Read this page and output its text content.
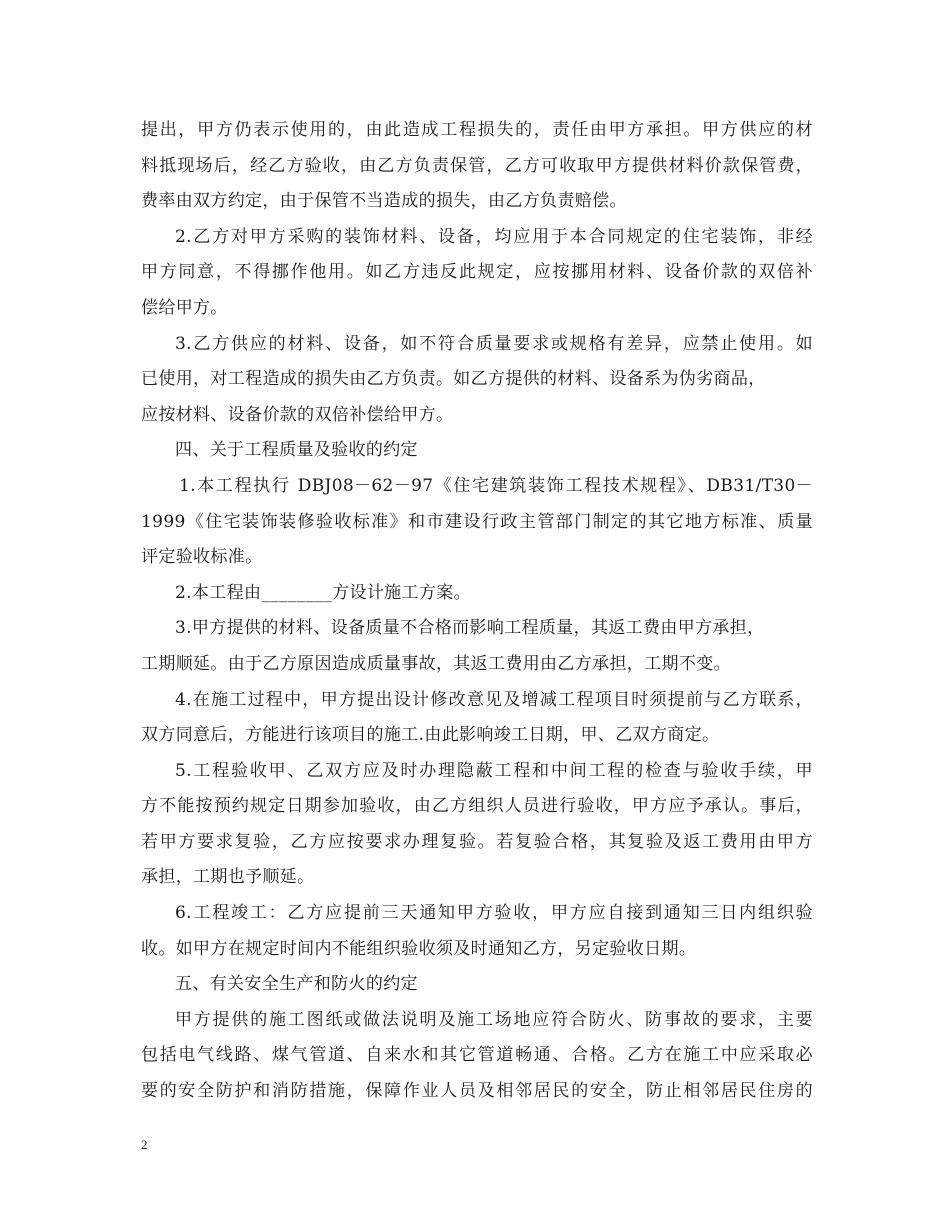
提出，甲方仍表示使用的，由此造成工程损失的，责任由甲方承担。甲方供应的材
料抵现场后，经乙方验收，由乙方负责保管，乙方可收取甲方提供材料价款保管费，
费率由双方约定，由于保管不当造成的损失，由乙方负责赔偿。
2.乙方对甲方采购的装饰材料、设备，均应用于本合同规定的住宅装饰，非经
甲方同意，不得挪作他用。如乙方违反此规定，应按挪用材料、设备价款的双倍补
偿给甲方。
3.乙方供应的材料、设备，如不符合质量要求或规格有差异，应禁止使用。如
已使用，对工程造成的损失由乙方负责。如乙方提供的材料、设备系为伪劣商品，
应按材料、设备价款的双倍补偿给甲方。
四、关于工程质量及验收的约定
1.本工程执行 DBJ08－62－97《住宅建筑装饰工程技术规程》、DB31/T30－
1999《住宅装饰装修验收标准》和市建设行政主管部门制定的其它地方标准、质量
评定验收标准。
2.本工程由________方设计施工方案。
3.甲方提供的材料、设备质量不合格而影响工程质量，其返工费由甲方承担，
工期顺延。由于乙方原因造成质量事故，其返工费用由乙方承担，工期不变。
4.在施工过程中，甲方提出设计修改意见及增减工程项目时须提前与乙方联系，
双方同意后，方能进行该项目的施工.由此影响竣工日期，甲、乙双方商定。
5.工程验收甲、乙双方应及时办理隐蔽工程和中间工程的检查与验收手续，甲
方不能按预约规定日期参加验收，由乙方组织人员进行验收，甲方应予承认。事后，
若甲方要求复验，乙方应按要求办理复验。若复验合格，其复验及返工费用由甲方
承担，工期也予顺延。
6.工程竣工：乙方应提前三天通知甲方验收，甲方应自接到通知三日内组织验
收。如甲方在规定时间内不能组织验收须及时通知乙方，另定验收日期。
五、有关安全生产和防火的约定
甲方提供的施工图纸或做法说明及施工场地应符合防火、防事故的要求，主要
包括电气线路、煤气管道、自来水和其它管道畅通、合格。乙方在施工中应采取必
要的安全防护和消防措施，保障作业人员及相邻居民的安全，防止相邻居民住房的
2
